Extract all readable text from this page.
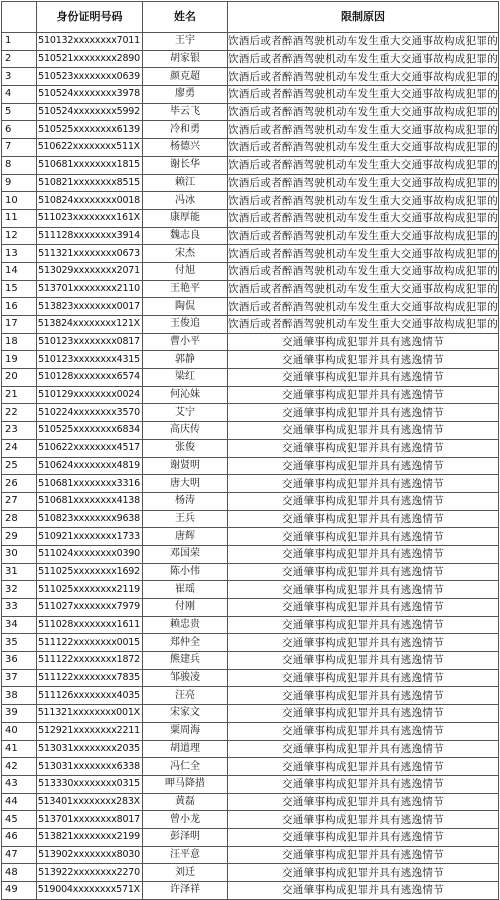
	身份证明号码	姓名	限制原因
1	510132xxxxxxxx7011	王宇	饮酒后或者醉酒驾驶机动车发生重大交通事故构成犯罪的
2	510521xxxxxxxx2890	胡家银	饮酒后或者醉酒驾驶机动车发生重大交通事故构成犯罪的
3	510523xxxxxxxx0639	颜克超	饮酒后或者醉酒驾驶机动车发生重大交通事故构成犯罪的
4	510524xxxxxxxx3978	廖勇	饮酒后或者醉酒驾驶机动车发生重大交通事故构成犯罪的
5	510524xxxxxxxx5992	毕云飞	饮酒后或者醉酒驾驶机动车发生重大交通事故构成犯罪的
6	510525xxxxxxxx6139	冷和勇	饮酒后或者醉酒驾驶机动车发生重大交通事故构成犯罪的
7	510622xxxxxxxx511X	杨德兴	饮酒后或者醉酒驾驶机动车发生重大交通事故构成犯罪的
8	510681xxxxxxxx1815	谢长华	饮酒后或者醉酒驾驶机动车发生重大交通事故构成犯罪的
9	510821xxxxxxxx8515	赖江	饮酒后或者醉酒驾驶机动车发生重大交通事故构成犯罪的
10	510824xxxxxxxx0018	冯冰	饮酒后或者醉酒驾驶机动车发生重大交通事故构成犯罪的
11	511023xxxxxxxx161X	康厚能	饮酒后或者醉酒驾驶机动车发生重大交通事故构成犯罪的
12	511128xxxxxxxx3914	魏志良	饮酒后或者醉酒驾驶机动车发生重大交通事故构成犯罪的
13	511321xxxxxxxx0673	宋杰	饮酒后或者醉酒驾驶机动车发生重大交通事故构成犯罪的
14	513029xxxxxxxx2071	付旭	饮酒后或者醉酒驾驶机动车发生重大交通事故构成犯罪的
15	513701xxxxxxxx2110	王艳平	饮酒后或者醉酒驾驶机动车发生重大交通事故构成犯罪的
16	513823xxxxxxxx0017	陶侃	饮酒后或者醉酒驾驶机动车发生重大交通事故构成犯罪的
17	513824xxxxxxxx121X	王俊追	饮酒后或者醉酒驾驶机动车发生重大交通事故构成犯罪的
18	510123xxxxxxxx0817	曹小平	交通肇事构成犯罪并具有逃逸情节
19	510123xxxxxxxx4315	郭静	交通肇事构成犯罪并具有逃逸情节
20	510128xxxxxxxx6574	梁红	交通肇事构成犯罪并具有逃逸情节
21	510129xxxxxxxx0024	何沁妹	交通肇事构成犯罪并具有逃逸情节
22	510224xxxxxxxx3570	艾宁	交通肇事构成犯罪并具有逃逸情节
23	510525xxxxxxxx6834	高庆传	交通肇事构成犯罪并具有逃逸情节
24	510622xxxxxxxx4517	张俊	交通肇事构成犯罪并具有逃逸情节
25	510624xxxxxxxx4819	谢贤明	交通肇事构成犯罪并具有逃逸情节
26	510681xxxxxxxx3316	唐大明	交通肇事构成犯罪并具有逃逸情节
27	510681xxxxxxxx4138	杨涛	交通肇事构成犯罪并具有逃逸情节
28	510823xxxxxxxx9638	王兵	交通肇事构成犯罪并具有逃逸情节
29	510921xxxxxxxx1733	唐辉	交通肇事构成犯罪并具有逃逸情节
30	511024xxxxxxxx0390	邓国荣	交通肇事构成犯罪并具有逃逸情节
31	511025xxxxxxxx1692	陈小伟	交通肇事构成犯罪并具有逃逸情节
32	511025xxxxxxxx2119	崔瑶	交通肇事构成犯罪并具有逃逸情节
33	511027xxxxxxxx7979	付刚	交通肇事构成犯罪并具有逃逸情节
34	511028xxxxxxxx1611	赖忠贵	交通肇事构成犯罪并具有逃逸情节
35	511122xxxxxxxx0015	郑仲全	交通肇事构成犯罪并具有逃逸情节
36	511122xxxxxxxx1872	熊建兵	交通肇事构成犯罪并具有逃逸情节
37	511122xxxxxxxx7835	邹骏凌	交通肇事构成犯罪并具有逃逸情节
38	511126xxxxxxxx4035	汪亮	交通肇事构成犯罪并具有逃逸情节
39	511321xxxxxxxx001X	宋家文	交通肇事构成犯罪并具有逃逸情节
40	512921xxxxxxxx2211	粟周海	交通肇事构成犯罪并具有逃逸情节
41	513031xxxxxxxx2035	胡道理	交通肇事构成犯罪并具有逃逸情节
42	513031xxxxxxxx6338	冯仁全	交通肇事构成犯罪并具有逃逸情节
43	513330xxxxxxxx0315	呷马降措	交通肇事构成犯罪并具有逃逸情节
44	513401xxxxxxxx283X	黄磊	交通肇事构成犯罪并具有逃逸情节
45	513701xxxxxxxx8017	曾小龙	交通肇事构成犯罪并具有逃逸情节
46	513821xxxxxxxx2199	彭泽明	交通肇事构成犯罪并具有逃逸情节
47	513902xxxxxxxx8030	汪平意	交通肇事构成犯罪并具有逃逸情节
48	513922xxxxxxxx2270	刘迁	交通肇事构成犯罪并具有逃逸情节
49	519004xxxxxxxx571X	许泽祥	交通肇事构成犯罪并具有逃逸情节
